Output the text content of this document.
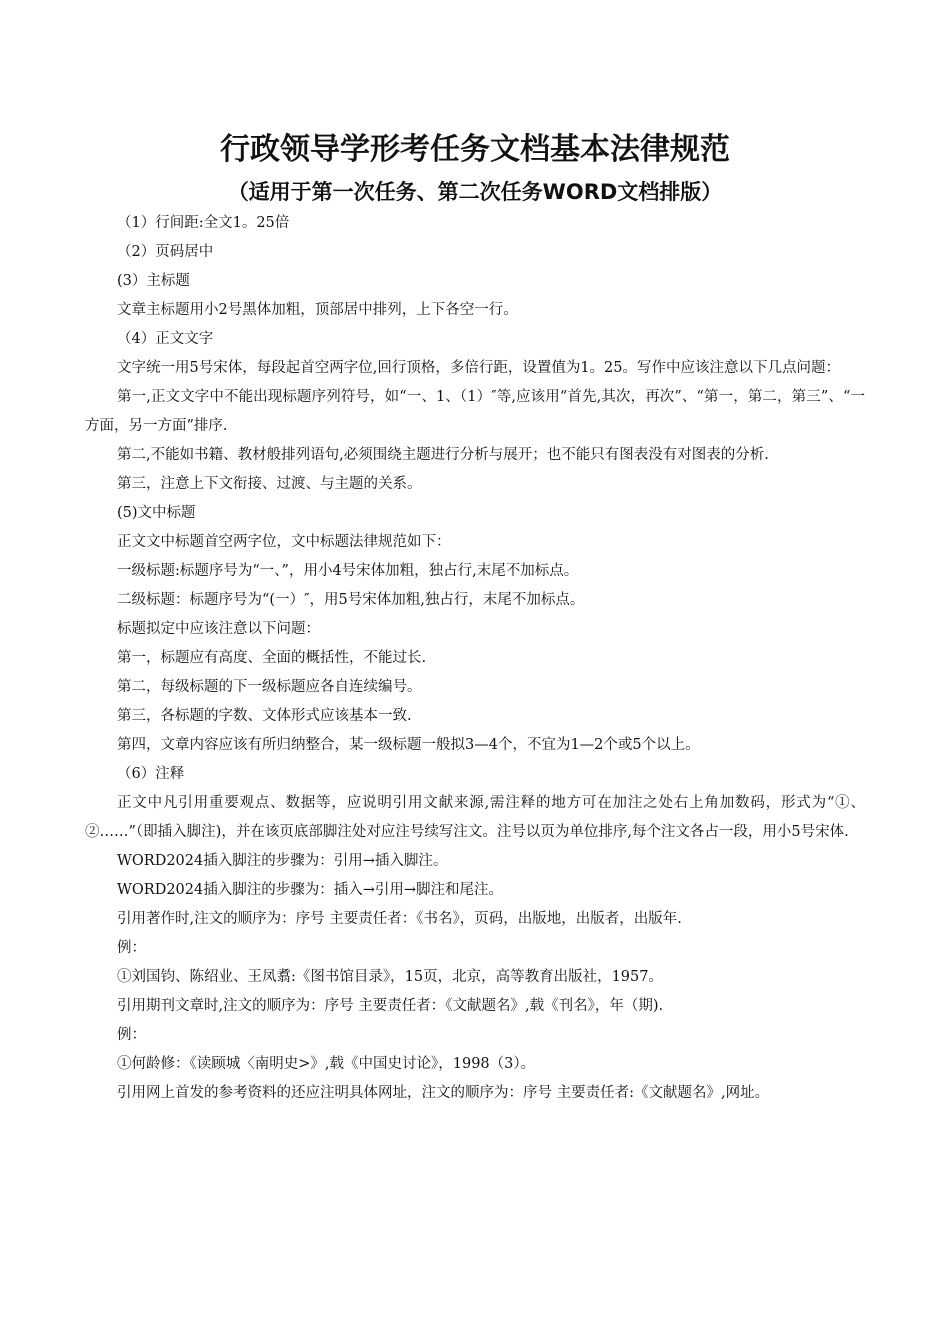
行政领导学形考任务文档基本法律规范
（适用于第一次任务、第二次任务WORD文档排版）

（1）行间距:全文1。25倍

（2）页码居中

(3）主标题

文章主标题用小2号黑体加粗，顶部居中排列，上下各空一行。

（4）正文文字

文字统一用5号宋体，每段起首空两字位,回行顶格，多倍行距，设置值为1。25。写作中应该注意以下几点问题：

第一,正文文字中不能出现标题序列符号，如“一、1、（1）″等,应该用“首先,其次，再次”、“第一，第二，第三”、“一方面，另一方面”排序.

第二,不能如书籍、教材般排列语句,必须围绕主题进行分析与展开；也不能只有图表没有对图表的分析.

第三，注意上下文衔接、过渡、与主题的关系。

(5)文中标题

正文文中标题首空两字位，文中标题法律规范如下：

一级标题:标题序号为“一、”，用小4号宋体加粗，独占行,末尾不加标点。

二级标题：标题序号为“(一）″，用5号宋体加粗,独占行，末尾不加标点。

标题拟定中应该注意以下问题：

第一，标题应有高度、全面的概括性，不能过长.

第二，每级标题的下一级标题应各自连续编号。

第三，各标题的字数、文体形式应该基本一致.

第四，文章内容应该有所归纳整合，某一级标题一般拟3—4个，不宜为1—2个或5个以上。

（6）注释

正文中凡引用重要观点、数据等，应说明引用文献来源,需注释的地方可在加注之处右上角加数码，形式为“①、②……”（即插入脚注)，并在该页底部脚注处对应注号续写注文。注号以页为单位排序,每个注文各占一段，用小5号宋体.

WORD2024插入脚注的步骤为：引用→插入脚注。

WORD2024插入脚注的步骤为：插入→引用→脚注和尾注。

引用著作时,注文的顺序为：序号 主要责任者：《书名》，页码，出版地，出版者，出版年.

例：

①刘国钧、陈绍业、王凤翥:《图书馆目录》，15页，北京，高等教育出版社，1957。

引用期刊文章时,注文的顺序为：序号 主要责任者：《文献题名》,载《刊名》，年（期).

例：

①何龄修：《读顾城〈南明史>》,载《中国史讨论》，1998（3）。

引用网上首发的参考资料的还应注明具体网址，注文的顺序为：序号 主要责任者:《文献题名》,网址。
